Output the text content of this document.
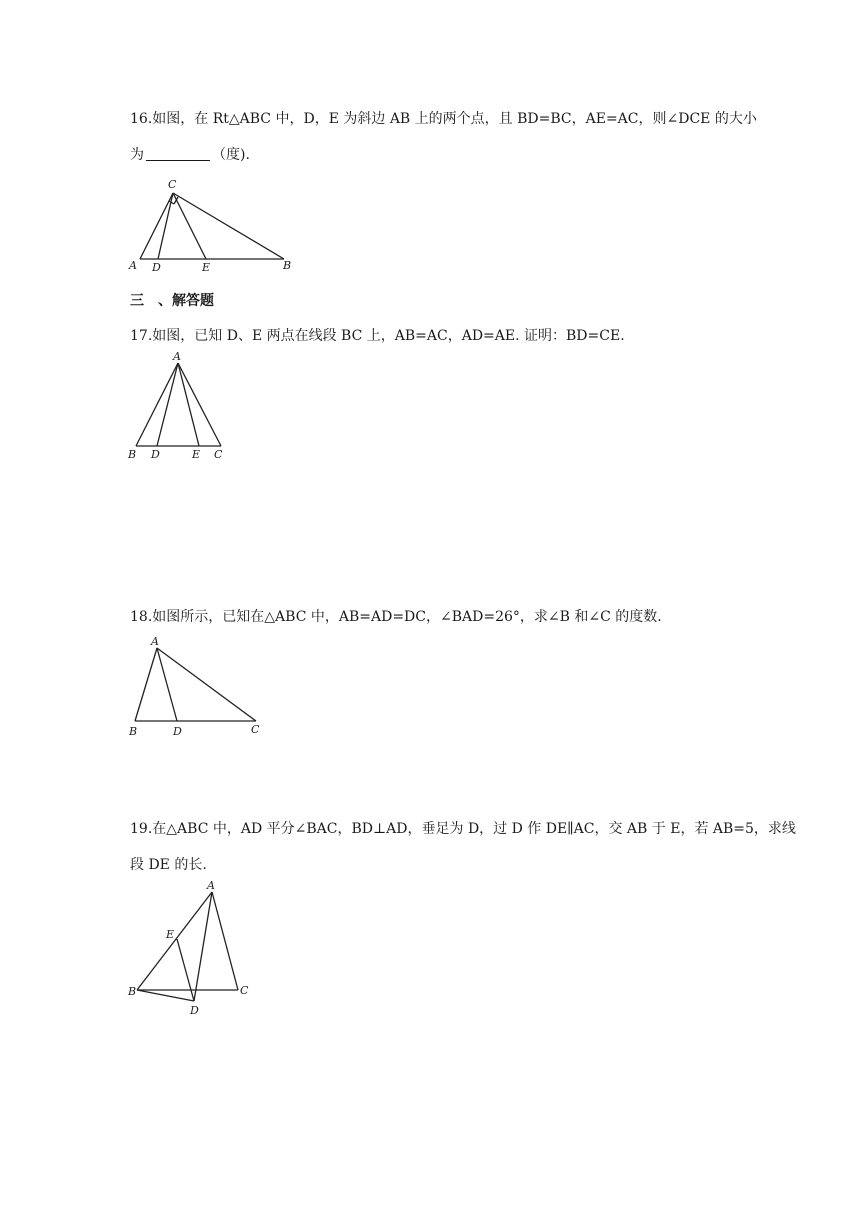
16.如图，在 Rt△ABC 中，D，E 为斜边 AB 上的两个点，且 BD=BC，AE=AC，则∠DCE 的大小
为	（度).
C
A D	E	B
三　、解答题
17.如图，已知 D、E 两点在线段 BC 上，AB=AC，AD=AE. 证明：BD=CE.
A
B D	E C
18.如图所示，已知在△ABC 中，AB=AD=DC，∠BAD=26°，求∠B 和∠C 的度数.
A
B	D	C
19.在△ABC 中，AD 平分∠BAC，BD⊥AD，垂足为 D，过 D 作 DE∥AC，交 AB 于 E，若 AB=5，求线
段 DE 的长.
A
E
B	C
D
